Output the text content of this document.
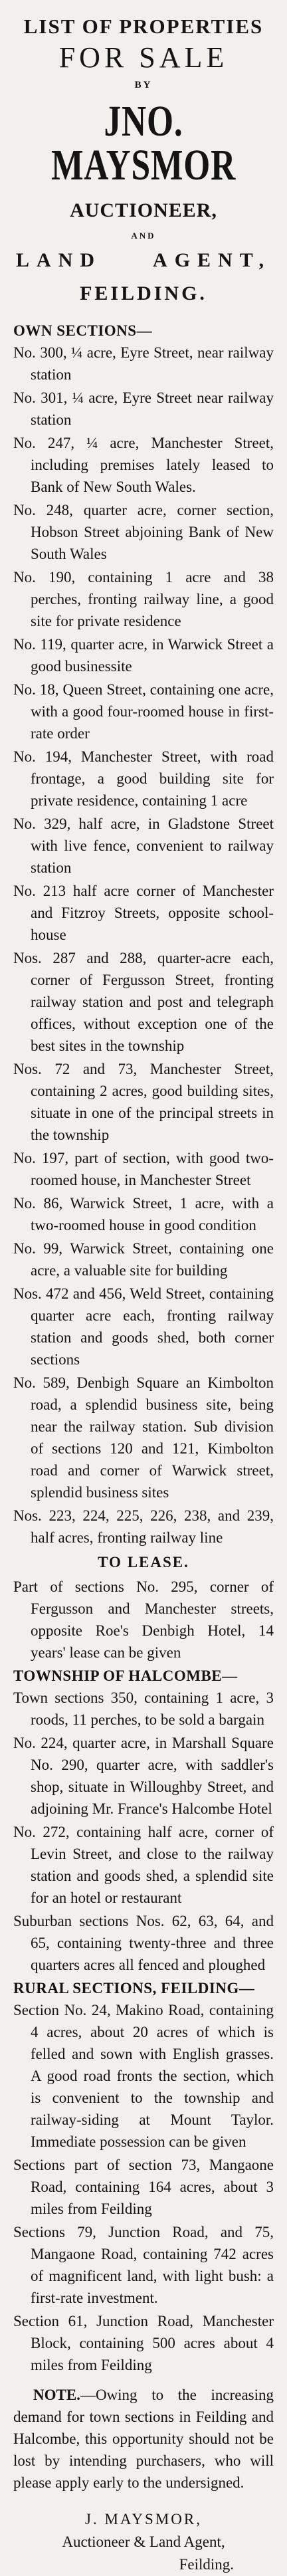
LIST OF PROPERTIES
FOR SALE
BY
JNO. MAYSMOR
AUCTIONEER,
AND
LAND	AGENT,
FEILDING.
OWN SECTIONS—
No. 300, ¼ acre, Eyre Street, near railway station
No. 301, ¼ acre, Eyre Street near railway station
No. 247, ¼ acre, Manchester Street, including premises lately leased to Bank of New South Wales.
No. 248, quarter acre, corner section, Hobson Street abjoining Bank of New South Wales
No. 190, containing 1 acre and 38 perches, fronting railway line, a good site for private residence
No. 119, quarter acre, in Warwick Street a good businessite
No. 18, Queen Street, containing one acre, with a good four-roomed house in first-rate order
No. 194, Manchester Street, with road frontage, a good building site for private residence, containing 1 acre
No. 329, half acre, in Gladstone Street with live fence, convenient to railway station
No. 213 half acre corner of Manchester and Fitzroy Streets, opposite school-house
Nos. 287 and 288, quarter-acre each, corner of Fergusson Street, fronting railway station and post and telegraph offices, without exception one of the best sites in the township
Nos. 72 and 73, Manchester Street, containing 2 acres, good building sites, situate in one of the principal streets in the township
No. 197, part of section, with good two-roomed house, in Manchester Street
No. 86, Warwick Street, 1 acre, with a two-roomed house in good condition
No. 99, Warwick Street, containing one acre, a valuable site for building
Nos. 472 and 456, Weld Street, containing quarter acre each, fronting railway station and goods shed, both corner sections
No. 589, Denbigh Square an Kimbolton road, a splendid business site, being near the railway station. Sub division of sections 120 and 121, Kimbolton road and corner of Warwick street, splendid business sites
Nos. 223, 224, 225, 226, 238, and 239, half acres, fronting railway line
TO LEASE.
Part of sections No. 295, corner of Fergusson and Manchester streets, opposite Roe's Denbigh Hotel, 14 years' lease can be given
TOWNSHIP OF HALCOMBE—
Town sections 350, containing 1 acre, 3 roods, 11 perches, to be sold a bargain
No. 224, quarter acre, in Marshall Square No. 290, quarter acre, with saddler's shop, situate in Willoughby Street, and adjoining Mr. France's Halcombe Hotel
No. 272, containing half acre, corner of Levin Street, and close to the railway station and goods shed, a splendid site for an hotel or restaurant
Suburban sections Nos. 62, 63, 64, and 65, containing twenty-three and three quarters acres all fenced and ploughed
RURAL SECTIONS, FEILDING—
Section No. 24, Makino Road, containing 4 acres, about 20 acres of which is felled and sown with English grasses. A good road fronts the section, which is convenient to the township and railway-siding at Mount Taylor. Immediate possession can be given
Sections part of section 73, Mangaone Road, containing 164 acres, about 3 miles from Feilding
Sections 79, Junction Road, and 75, Mangaone Road, containing 742 acres of magnificent land, with light bush: a first-rate investment.
Section 61, Junction Road, Manchester Block, containing 500 acres about 4 miles from Feilding
NOTE.—Owing to the increasing demand for town sections in Feilding and Halcombe, this opportunity should not be lost by intending purchasers, who will please apply early to the undersigned.
J. MAYSMOR,
Auctioneer & Land Agent,
Feilding.
